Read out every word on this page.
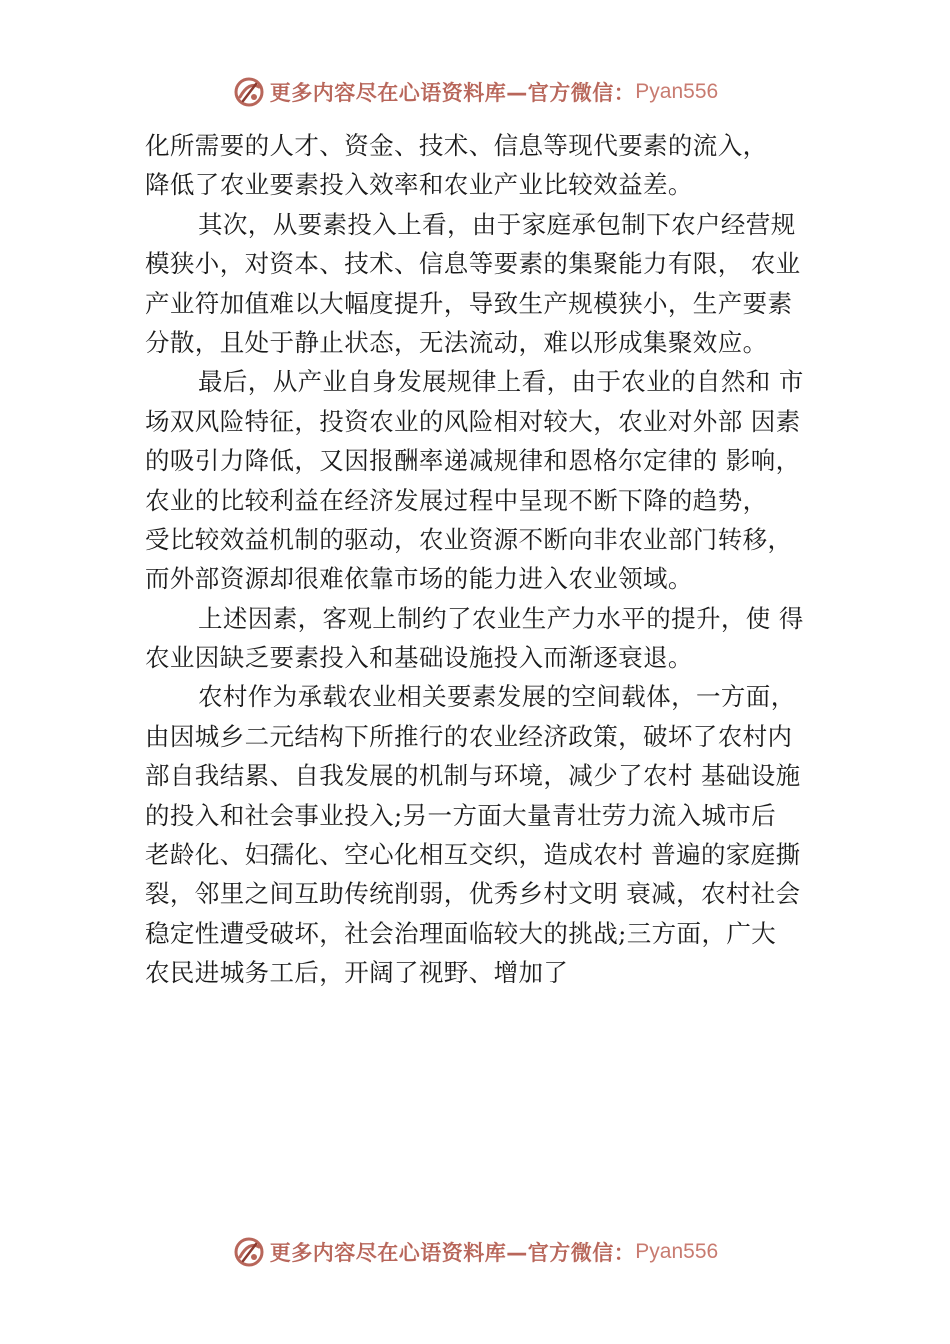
更多内容尽在心语资料库—官方微信： Pyan556
化所需要的人才、资金、技术、信息等现代要素的流入，
降低了农业要素投入效率和农业产业比较效益差。
其次，从要素投入上看，由于家庭承包制下农户经营规
模狭小，对资本、技术、信息等要素的集聚能力有限， 农业
产业符加值难以大幅度提升，导致生产规模狭小，生产要素
分散，且处于静止状态，无法流动，难以形成集聚效应。
最后，从产业自身发展规律上看，由于农业的自然和 市
场双风险特征，投资农业的风险相对较大，农业对外部 因素
的吸引力降低，又因报酬率递减规律和恩格尔定律的 影响，
农业的比较利益在经济发展过程中呈现不断下降的趋势，
受比较效益机制的驱动，农业资源不断向非农业部门转移，
而外部资源却很难依靠市场的能力进入农业领域。
上述因素，客观上制约了农业生产力水平的提升，使 得
农业因缺乏要素投入和基础设施投入而渐逐衰退。
农村作为承载农业相关要素发展的空间载体，一方面，
由因城乡二元结构下所推行的农业经济政策，破坏了农村内
部自我结累、自我发展的机制与环境，减少了农村 基础设施
的投入和社会事业投入;另一方面大量青壮劳力流入城市后
老龄化、妇孺化、空心化相互交织，造成农村 普遍的家庭撕
裂，邻里之间互助传统削弱，优秀乡村文明 衰减，农村社会
稳定性遭受破坏，社会治理面临较大的挑战;三方面，广大
农民进城务工后，开阔了视野、增加了
更多内容尽在心语资料库—官方微信： Pyan556
